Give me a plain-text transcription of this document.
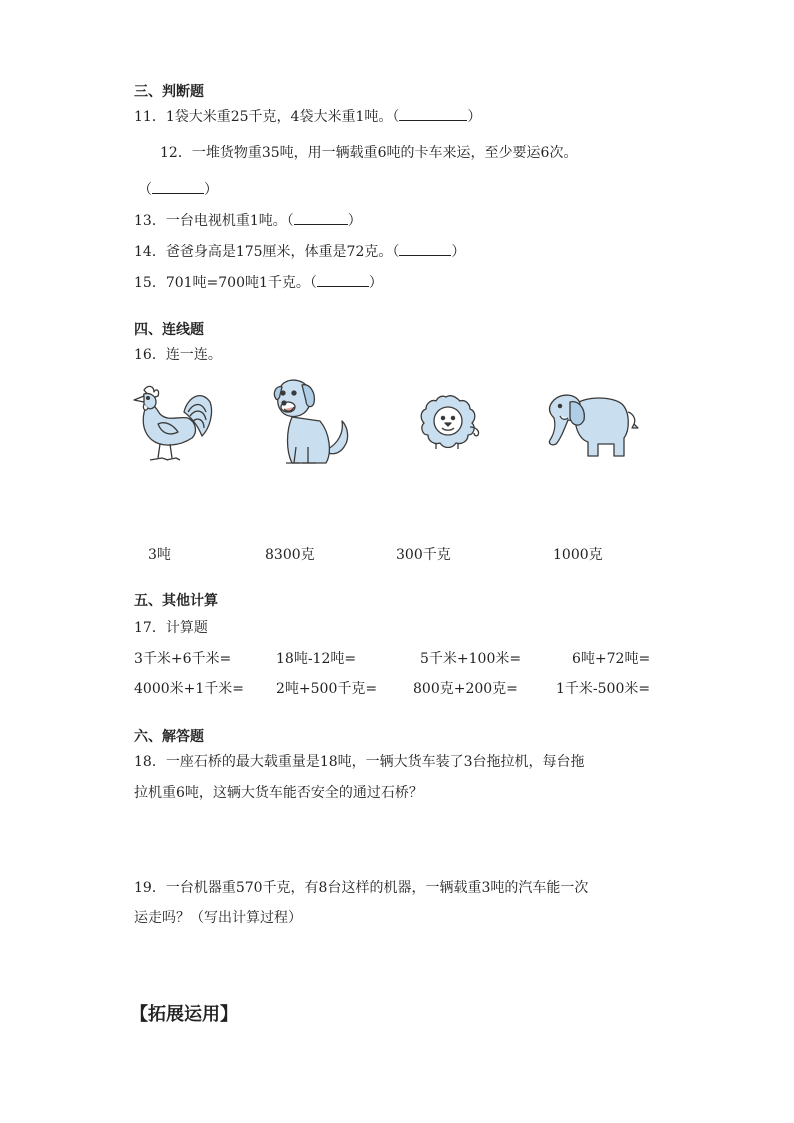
三、判断题
11．1袋大米重25千克，4袋大米重1吨。（	）
12．一堆货物重35吨，用一辆载重6吨的卡车来运，至少要运6次。
（	）
13．一台电视机重1吨。（	）
14．爸爸身高是175厘米，体重是72克。（	）
15．701吨=700吨1千克。（	）
四、连线题
16．连一连。
3吨	8300克	300千克	1000克
五、其他计算
17．计算题
3千米+6千米=	18吨-12吨=	5千米+100米=	6吨+72吨=
4000米+1千米= 2吨+500千克=	800克+200克=	1千米-500米=
六、解答题
18．一座石桥的最大载重量是18吨，一辆大货车装了3台拖拉机，每台拖
拉机重6吨，这辆大货车能否安全的通过石桥？
19．一台机器重570千克，有8台这样的机器，一辆载重3吨的汽车能一次
运走吗？（写出计算过程）
【拓展运用】
